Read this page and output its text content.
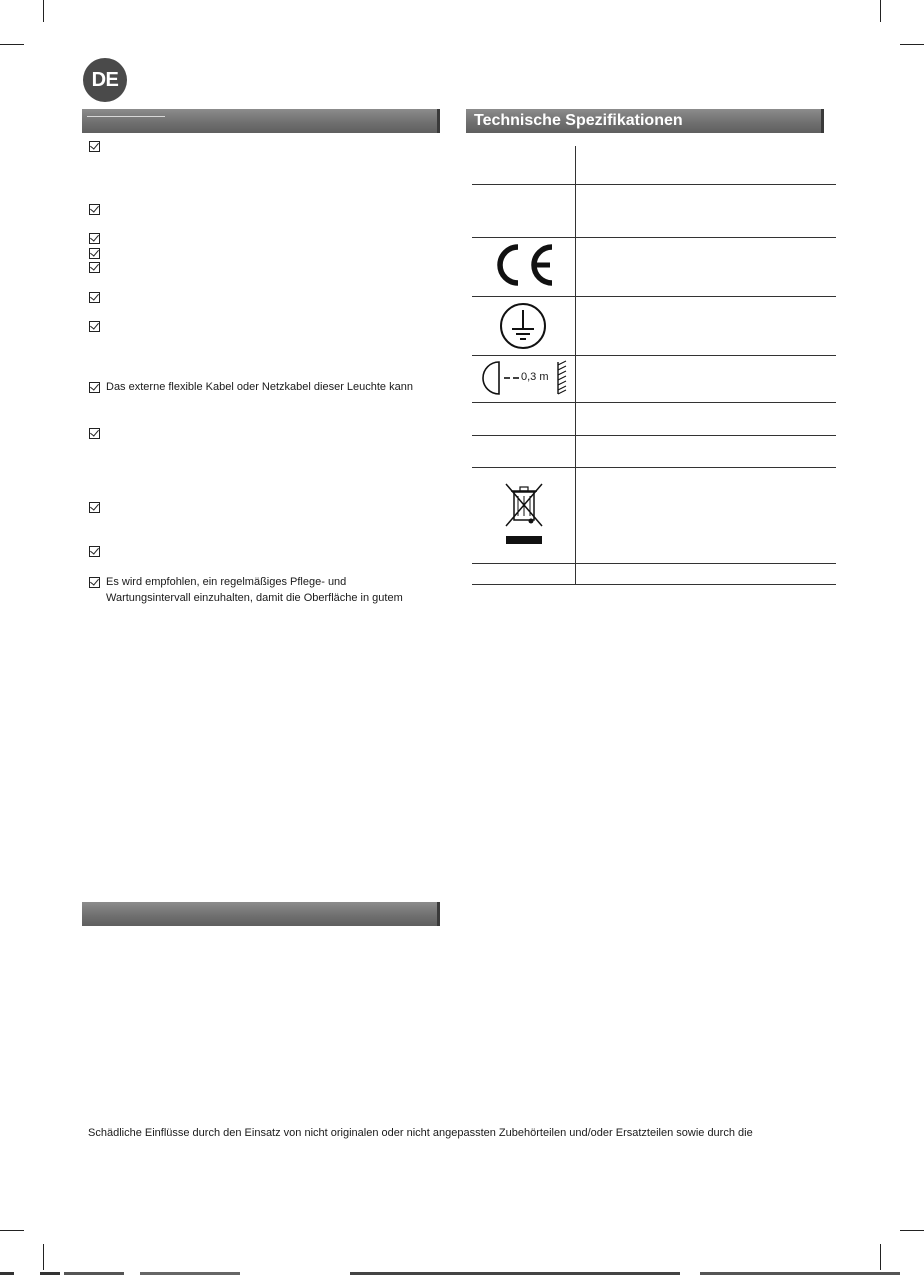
DE
Technische Spezifikationen
Das externe flexible Kabel oder Netzkabel dieser Leuchte kann
Es wird empfohlen, ein regelmäßiges Pflege- und
Wartungsintervall einzuhalten, damit die Oberfläche in gutem
0,3 m
Schädliche Einflüsse durch den Einsatz von nicht originalen oder nicht angepassten Zubehörteilen und/oder Ersatzteilen sowie durch die
